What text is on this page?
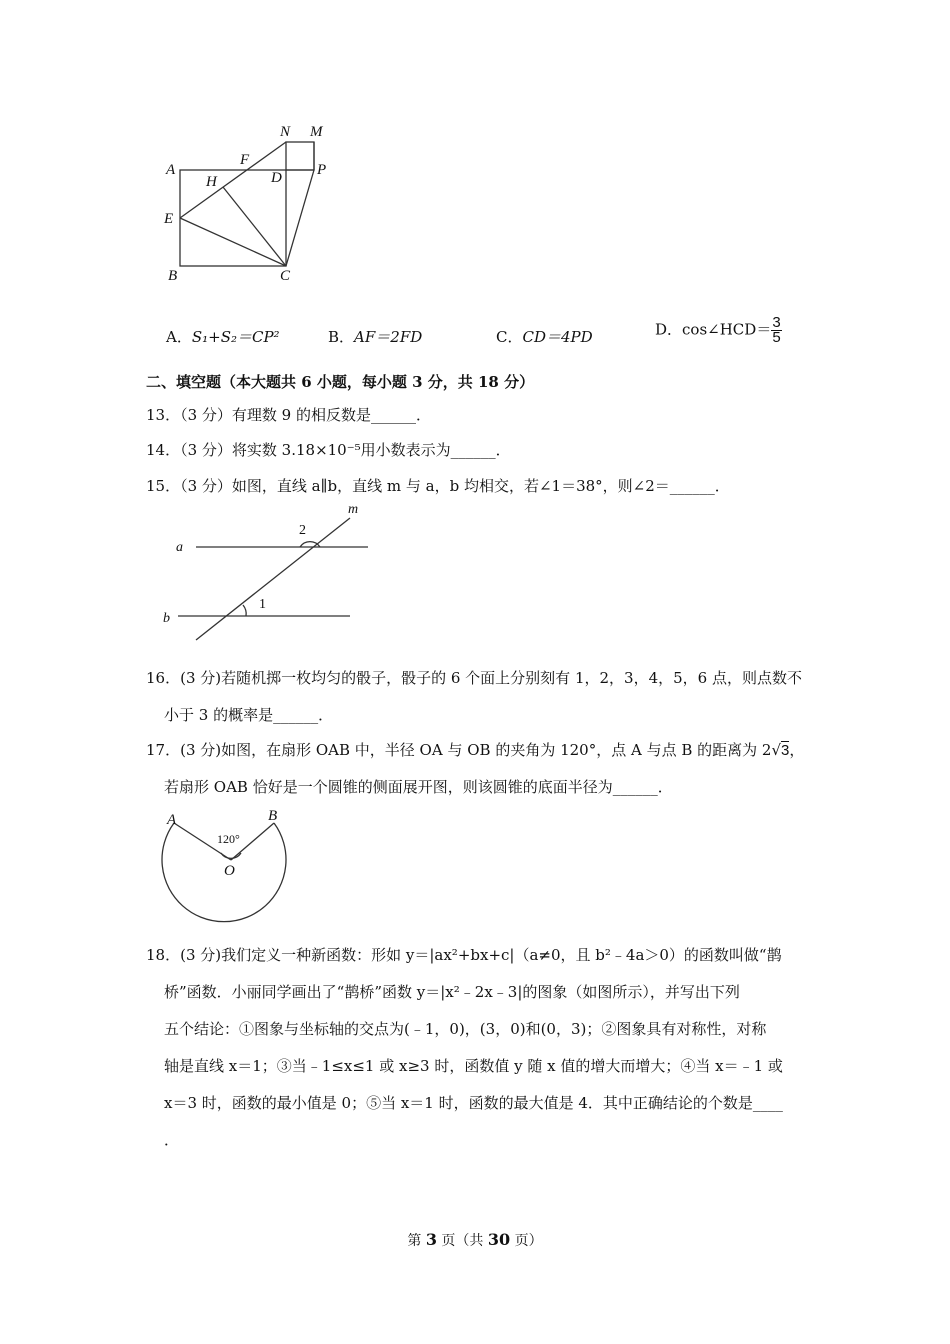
N M
A
F
D P
H
E
B	C
A．S₁+S₂＝CP²	B．AF＝2FD	C．CD＝4PD	D．cos∠HCD＝ $\frac{3}{5}$
二、填空题（本大题共 6 小题，每小题 3 分，共 18 分）
13．（3 分）有理数 9 的相反数是______．
14．（3 分）将实数 3.18×10⁻⁵用小数表示为______．
15．（3 分）如图，直线 a∥b，直线 m 与 a，b 均相交，若∠1＝38°，则∠2＝______．
a
b
m
1
2
16．(3 分)若随机掷一枚均匀的骰子，骰子的 6 个面上分别刻有 1，2，3，4，5，6 点，则点数不
小于 3 的概率是______．
17．(3 分)如图，在扇形 OAB 中，半径 OA 与 OB 的夹角为 120°，点 A 与点 B 的距离为 2√3，
若扇形 OAB 恰好是一个圆锥的侧面展开图，则该圆锥的底面半径为______．
A	B
O
120°
18．(3 分)我们定义一种新函数：形如 y＝|ax²+bx+c|（a≠0，且 b²﹣4a＞0）的函数叫做“鹊
桥”函数．小丽同学画出了“鹊桥”函数 y＝|x²﹣2x﹣3|的图象（如图所示），并写出下列
五个结论：①图象与坐标轴的交点为(﹣1，0)，(3，0)和(0，3)；②图象具有对称性，对称
轴是直线 x＝1；③当﹣1≤x≤1 或 x≥3 时，函数值 y 随 x 值的增大而增大；④当 x＝﹣1 或
x＝3 时，函数的最小值是 0；⑤当 x＝1 时，函数的最大值是 4．其中正确结论的个数是____
．
第 3 页（共 30 页）
